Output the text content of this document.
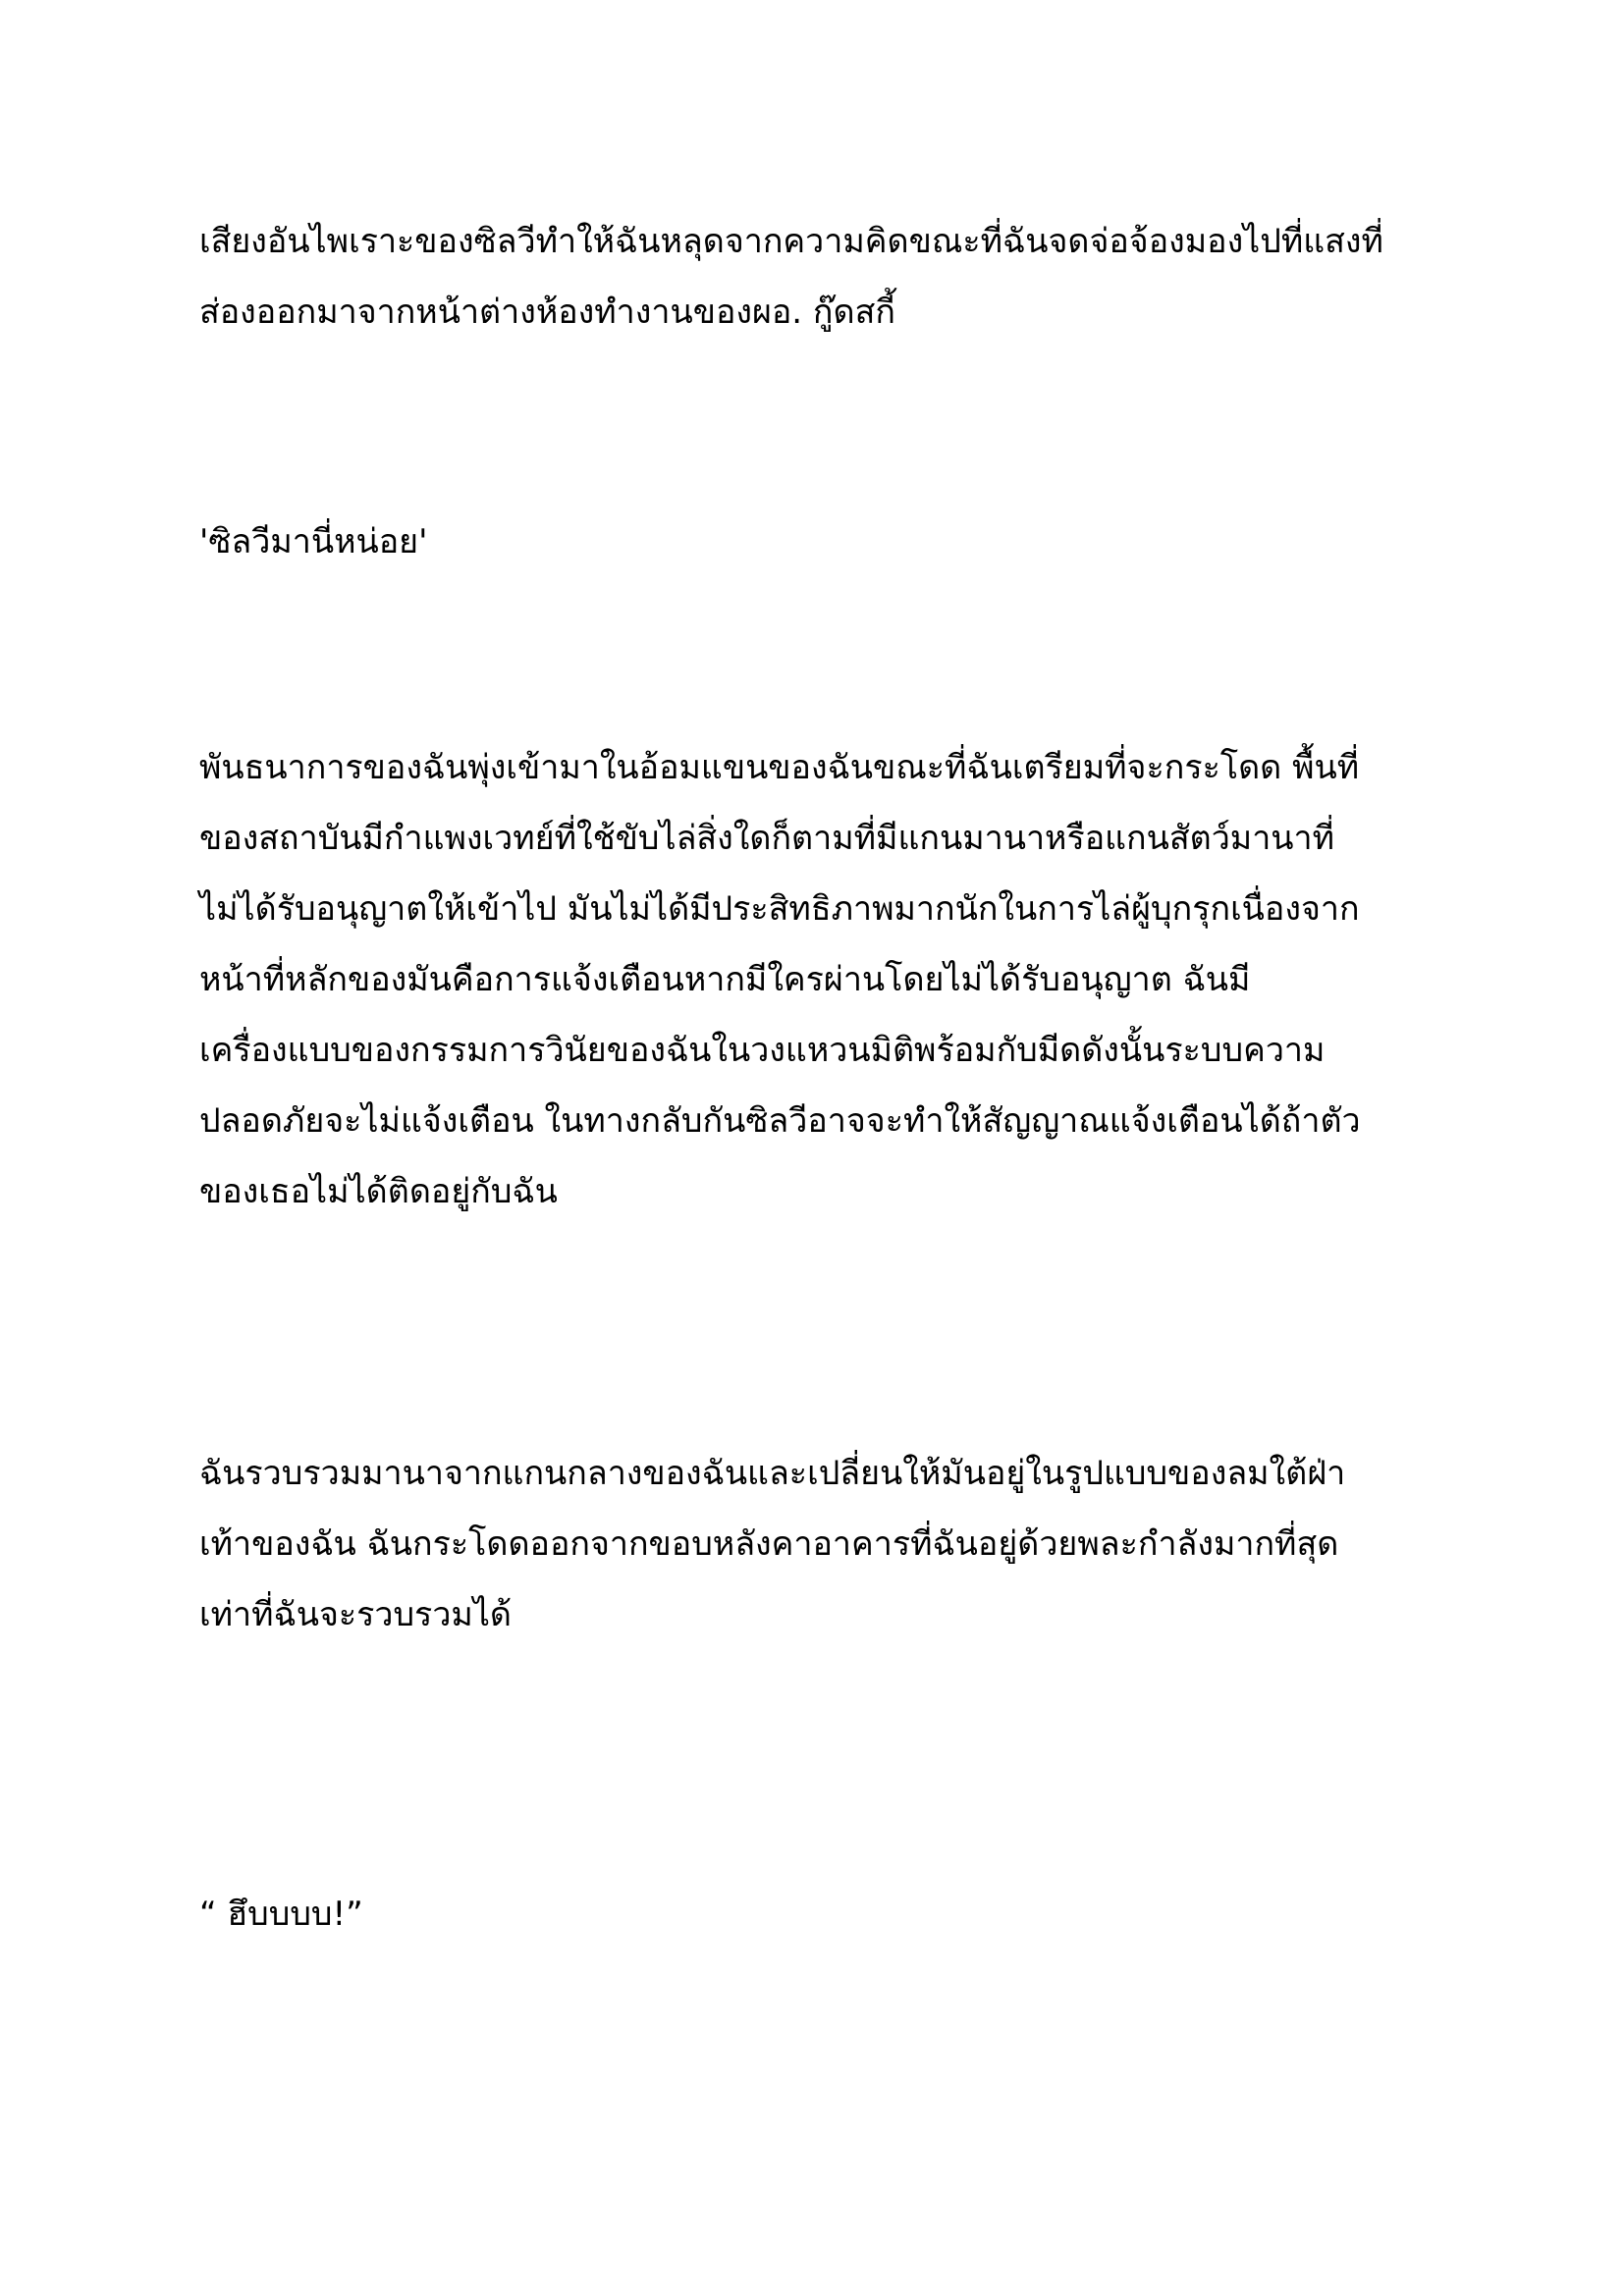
เสียงอันไพเราะของซิลวีทำให้ฉันหลุดจากความคิดขณะที่ฉันจดจ่อจ้องมองไปที่แสงที่
ส่องออกมาจากหน้าต่างห้องทำงานของผอ. กู๊ดสกี้
'ซิลวีมานี่หน่อย'
พันธนาการของฉันพุ่งเข้ามาในอ้อมแขนของฉันขณะที่ฉันเตรียมที่จะกระโดด พื้นที่
ของสถาบันมีกำแพงเวทย์ที่ใช้ขับไล่สิ่งใดก็ตามที่มีแกนมานาหรือแกนสัตว์มานาที่
ไม่ได้รับอนุญาตให้เข้าไป มันไม่ได้มีประสิทธิภาพมากนักในการไล่ผู้บุกรุกเนื่องจาก
หน้าที่หลักของมันคือการแจ้งเตือนหากมีใครผ่านโดยไม่ได้รับอนุญาต ฉันมี
เครื่องแบบของกรรมการวินัยของฉันในวงแหวนมิติพร้อมกับมีดดังนั้นระบบความ
ปลอดภัยจะไม่แจ้งเตือน ในทางกลับกันซิลวีอาจจะทำให้สัญญาณแจ้งเตือนได้ถ้าตัว
ของเธอไม่ได้ติดอยู่กับฉัน
ฉันรวบรวมมานาจากแกนกลางของฉันและเปลี่ยนให้มันอยู่ในรูปแบบของลมใต้ฝ่า
เท้าของฉัน ฉันกระโดดออกจากขอบหลังคาอาคารที่ฉันอยู่ด้วยพละกำลังมากที่สุด
เท่าที่ฉันจะรวบรวมได้
“ ฮึบบบบ!”
